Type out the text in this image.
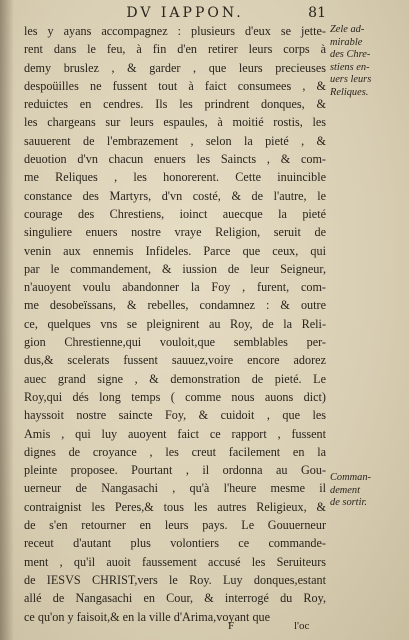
DV IAPPON.	81
les y ayans accompagnez : plusieurs d'eux se jette-
rent dans le feu, à fin d'en retirer leurs corps à
demy bruslez , & garder , que leurs precieuses
despoüilles ne fussent tout à faict consumees , &
reduictes en cendres. Ils les prindrent donques, &
les chargeans sur leurs espaules, à moitié rostis, les
sauuerent de l'embrazement , selon la pieté , &
deuotion d'vn chacun enuers les Saincts , & com-
me Reliques , les honorerent. Cette inuincible
constance des Martyrs, d'vn costé, & de l'autre, le
courage des Chrestiens, ioinct auecque la pieté
singuliere enuers nostre vraye Religion, seruit de
venin aux ennemis Infideles. Parce que ceux, qui
par le commandement, & iussion de leur Seigneur,
n'auoyent voulu abandonner la Foy , furent, com-
me desobeïssans, & rebelles, condamnez : & outre
ce, quelques vns se pleignirent au Roy, de la Reli-
gion Chrestienne,qui vouloit,que semblables per-
dus,& scelerats fussent sauuez,voire encore adorez
auec grand signe , & demonstration de pieté. Le
Roy,qui dés long temps ( comme nous auons dict)
hayssoit nostre saincte Foy, & cuidoit , que les
Amis , qui luy auoyent faict ce rapport , fussent
dignes de croyance , les creut facilement en la
pleinte proposee. Pourtant , il ordonna au Gou-
uerneur de Nangasachi , qu'à l'heure mesme il
contraignist les Peres,& tous les autres Religieux, &
de s'en retourner en leurs pays. Le Gouuerneur
receut d'autant plus volontiers ce commande-
ment , qu'il auoit faussement accusé les Seruiteurs
de IESVS CHRIST,vers le Roy. Luy donques,estant
allé de Nangasachi en Cour, & interrogé du Roy,
ce qu'on y faisoit,& en la ville d'Arima,voyant que
Zele ad-
mirable
des Chre-
stiens en-
uers leurs
Reliques.
Comman-
dement
de sortir.
F	l'oc
